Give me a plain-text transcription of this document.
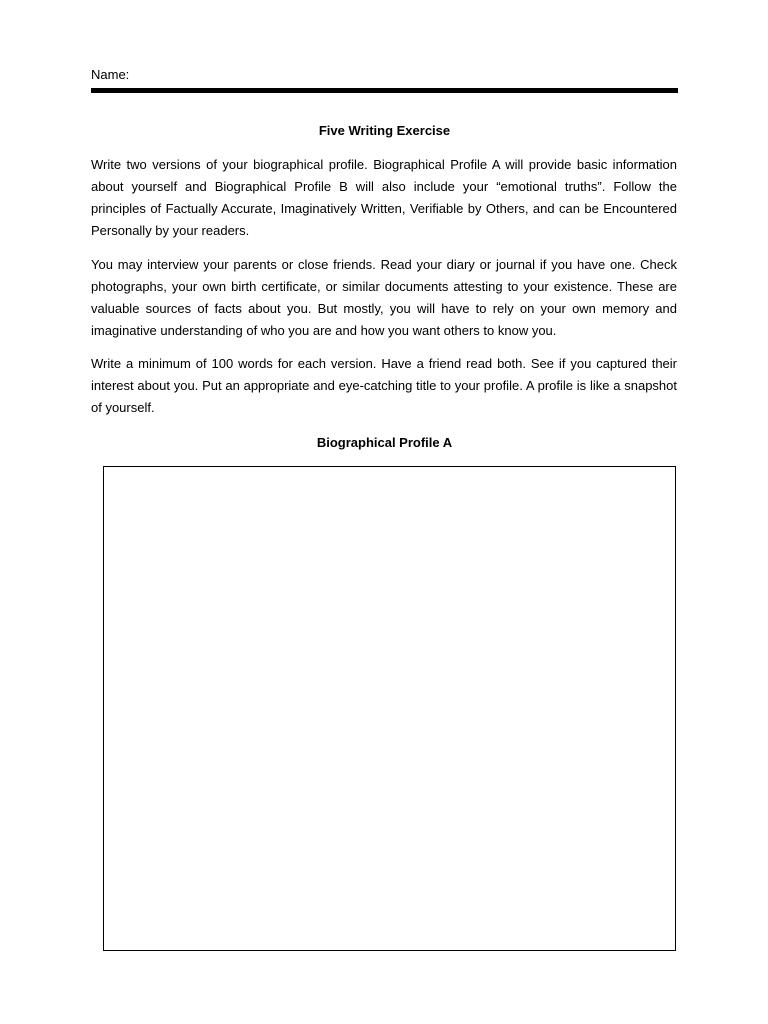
Name:
Five Writing Exercise

Write two versions of your biographical profile. Biographical Profile A will provide basic information about yourself and Biographical Profile B will also include your “emotional truths”. Follow the principles of Factually Accurate, Imaginatively Written, Verifiable by Others, and can be Encountered Personally by your readers.

You may interview your parents or close friends. Read your diary or journal if you have one. Check photographs, your own birth certificate, or similar documents attesting to your existence. These are valuable sources of facts about you. But mostly, you will have to rely on your own memory and imaginative understanding of who you are and how you want others to know you.

Write a minimum of 100 words for each version. Have a friend read both. See if you captured their interest about you. Put an appropriate and eye-catching title to your profile. A profile is like a snapshot of yourself.

Biographical Profile A
